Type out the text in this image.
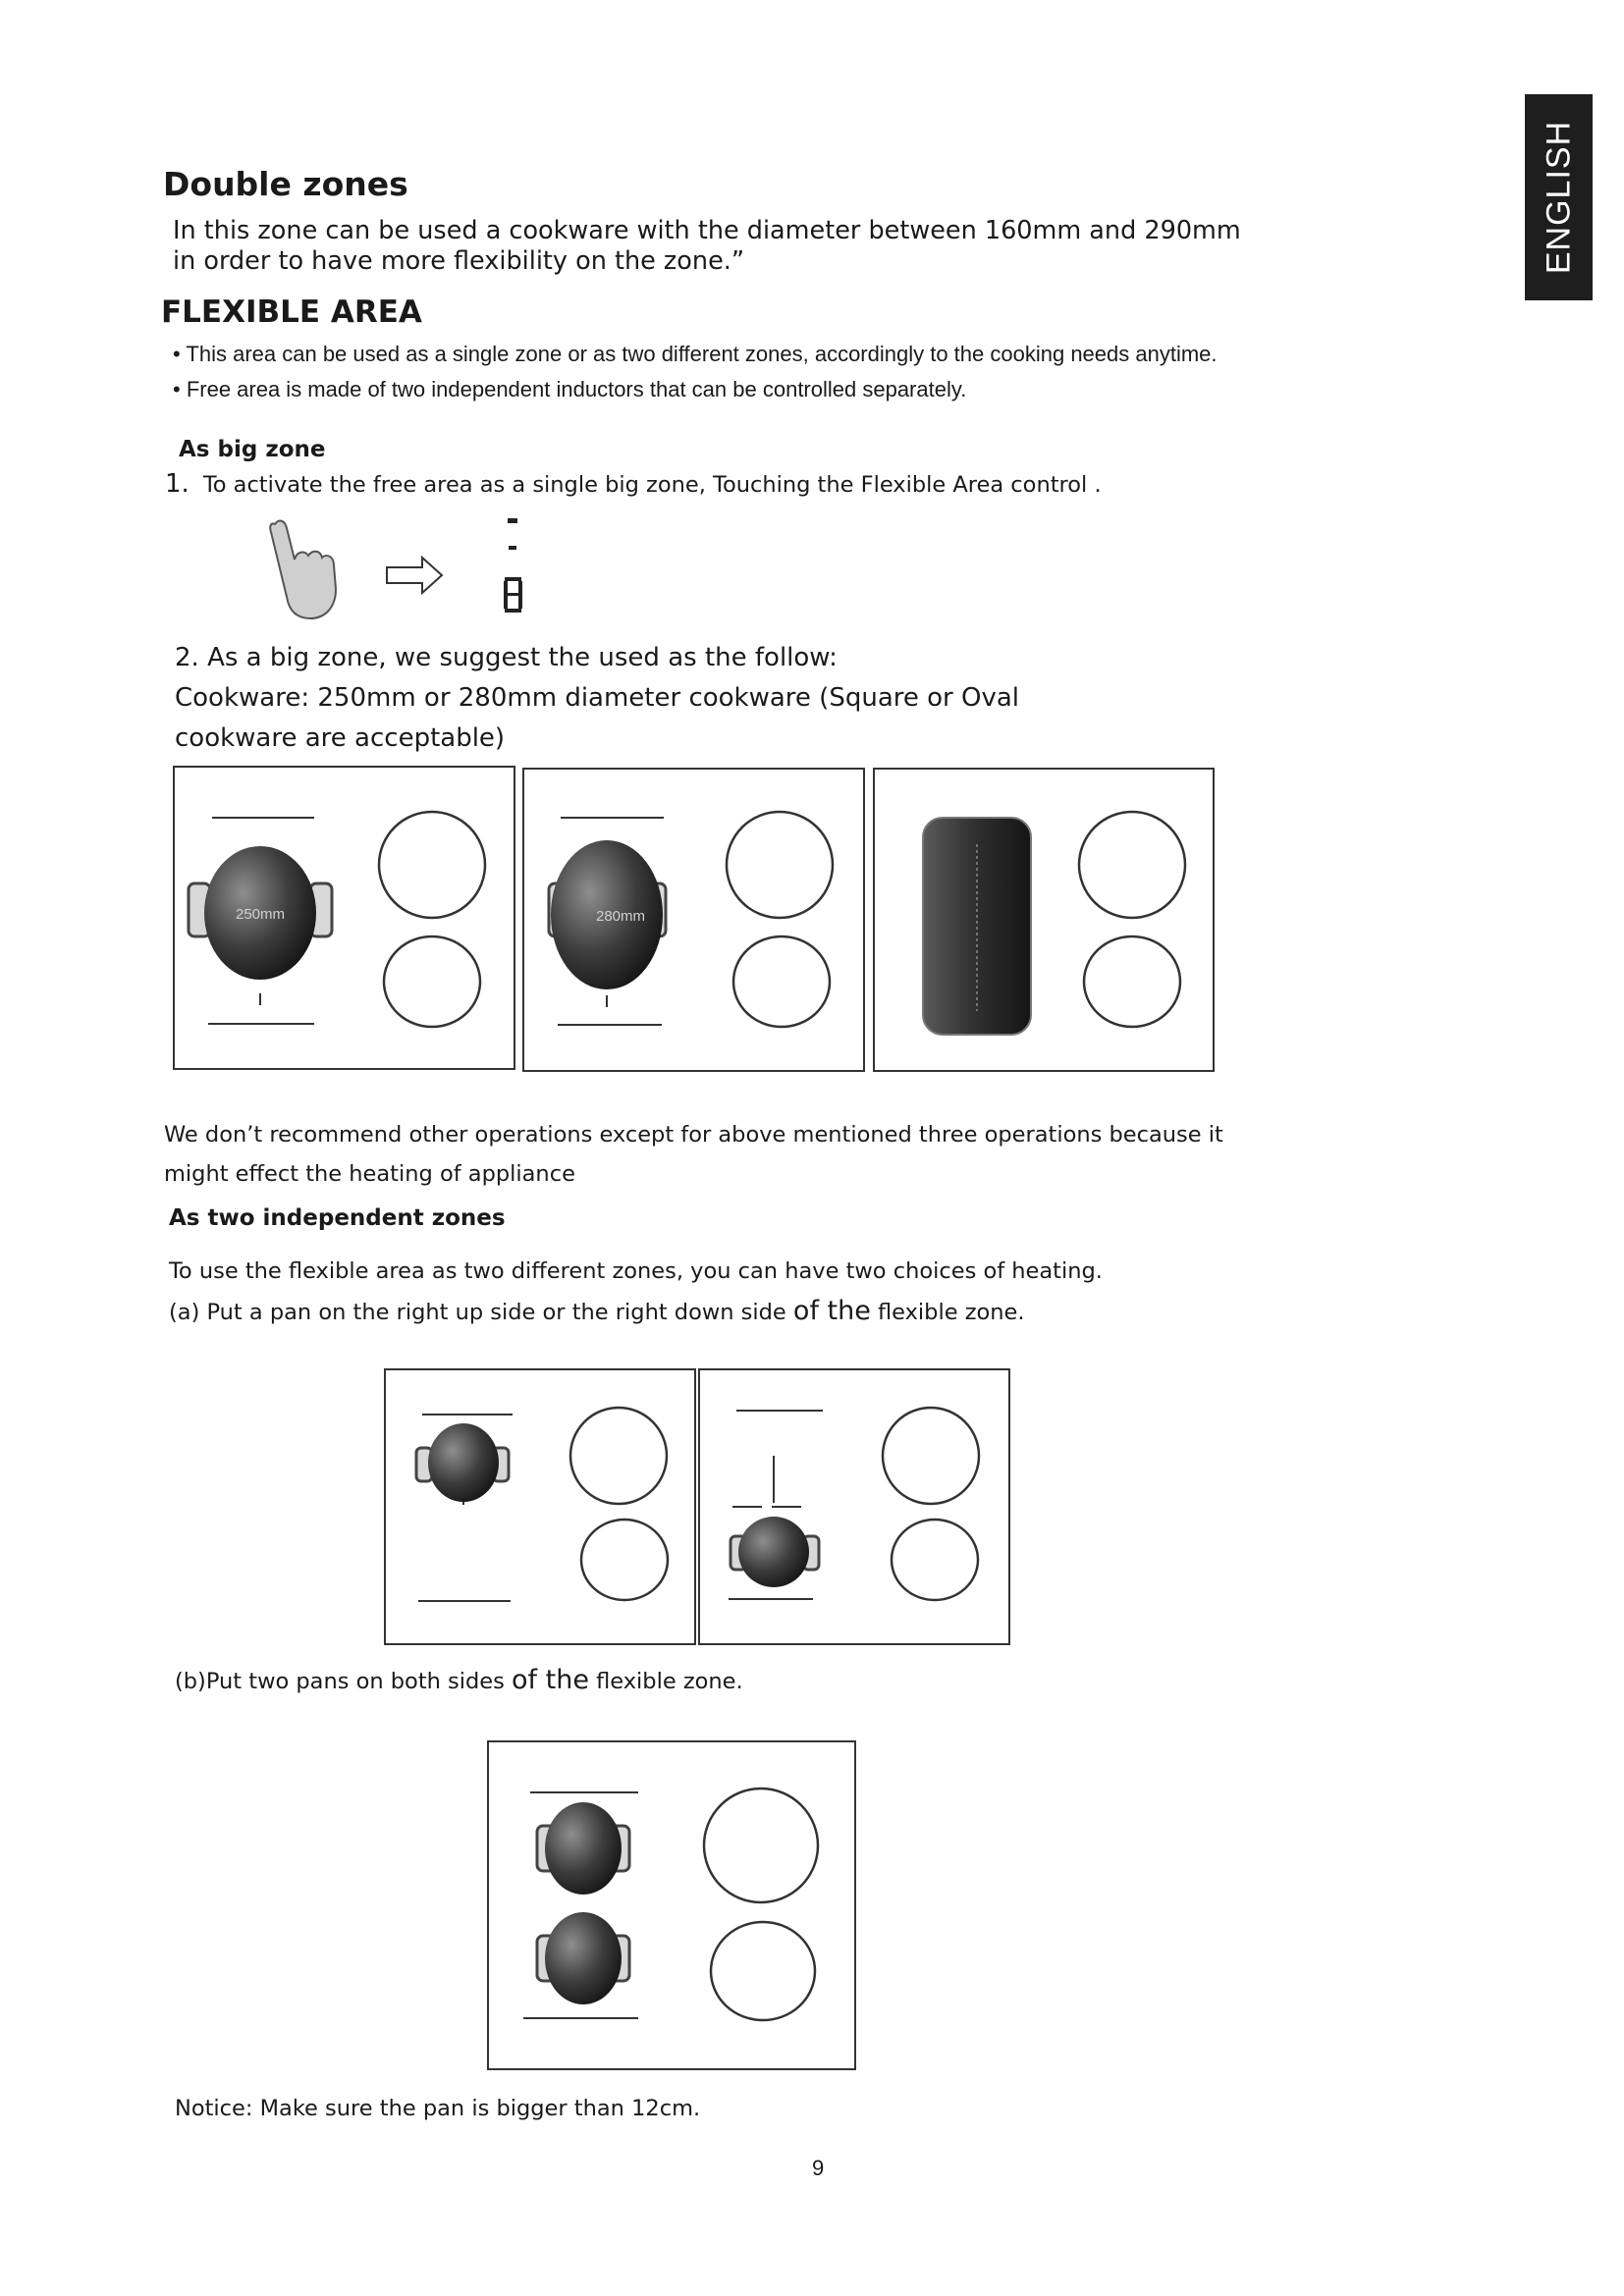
ENGLISH
Double zones
In this zone can be used a cookware with the diameter between 160mm and 290mm
in order to have more flexibility on the zone.”
FLEXIBLE AREA
• This area can be used as a single zone or as two different zones, accordingly to the cooking needs anytime.
• Free area is made of two independent inductors that can be controlled separately.
As big zone
1. To activate the free area as a single big zone, Touching the Flexible Area control .
2. As a big zone, we suggest the used as the follow:
Cookware: 250mm or 280mm diameter cookware (Square or Oval
cookware are acceptable)
250mm	280mm
We don’t recommend other operations except for above mentioned three operations because it
might effect the heating of appliance
As two independent zones
To use the flexible area as two different zones, you can have two choices of heating.
(a) Put a pan on the right up side or the right down side of the flexible zone.
(b)Put two pans on both sides of the flexible zone.
Notice: Make sure the pan is bigger than 12cm.
9
